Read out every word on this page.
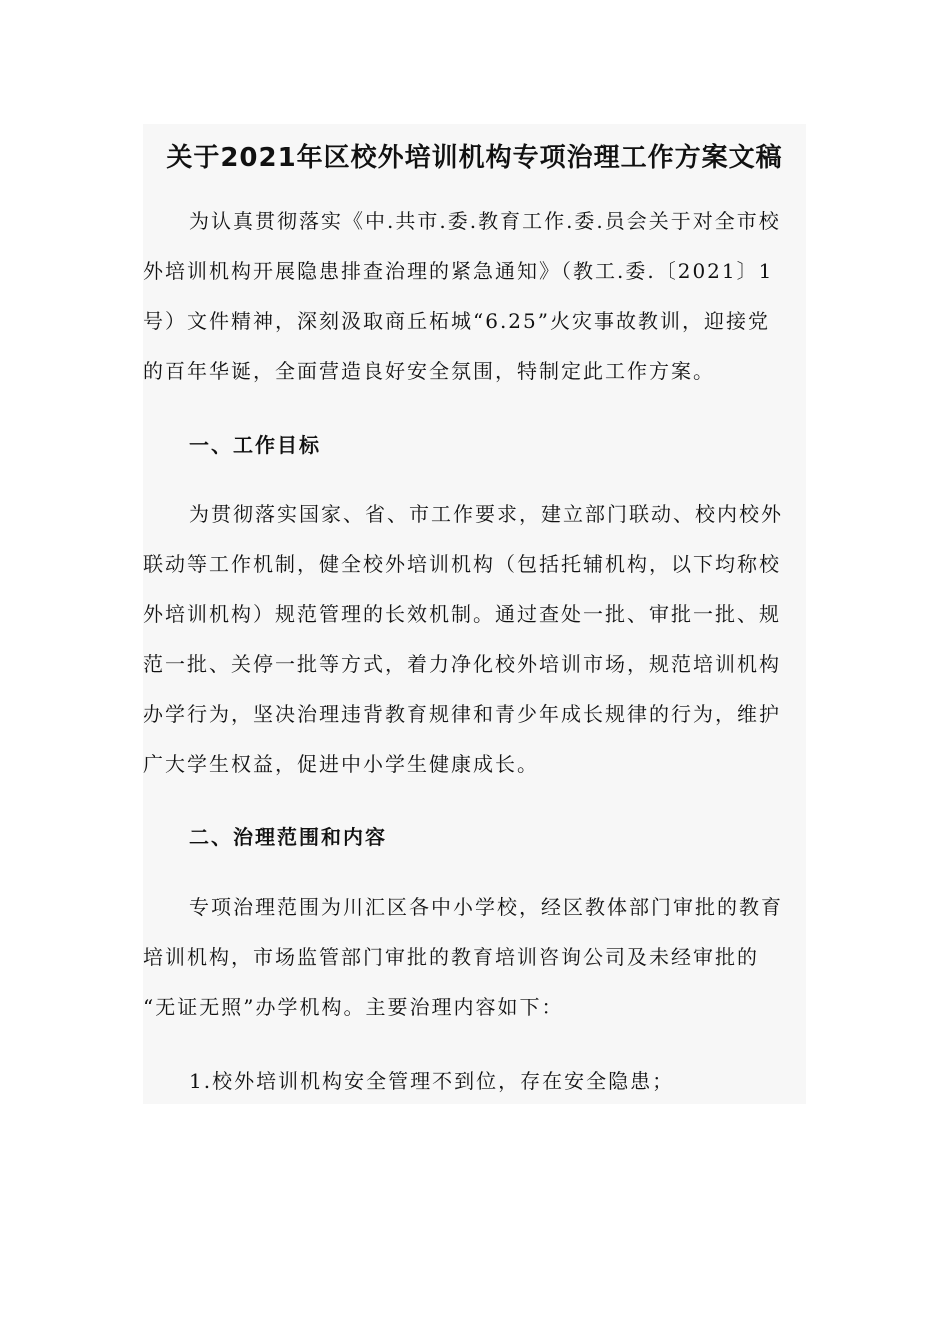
关于2021年区校外培训机构专项治理工作方案文稿
为认真贯彻落实《中.共市.委.教育工作.委.员会关于对全市校
外培训机构开展隐患排查治理的紧急通知》（教工.委.〔2021〕1
号）文件精神，深刻汲取商丘柘城“6.25”火灾事故教训，迎接党
的百年华诞，全面营造良好安全氛围，特制定此工作方案。
一、工作目标
为贯彻落实国家、省、市工作要求，建立部门联动、校内校外
联动等工作机制，健全校外培训机构（包括托辅机构，以下均称校
外培训机构）规范管理的长效机制。通过查处一批、审批一批、规
范一批、关停一批等方式，着力净化校外培训市场，规范培训机构
办学行为，坚决治理违背教育规律和青少年成长规律的行为，维护
广大学生权益，促进中小学生健康成长。
二、治理范围和内容
专项治理范围为川汇区各中小学校，经区教体部门审批的教育
培训机构，市场监管部门审批的教育培训咨询公司及未经审批的
“无证无照”办学机构。主要治理内容如下：
1.校外培训机构安全管理不到位，存在安全隐患；
